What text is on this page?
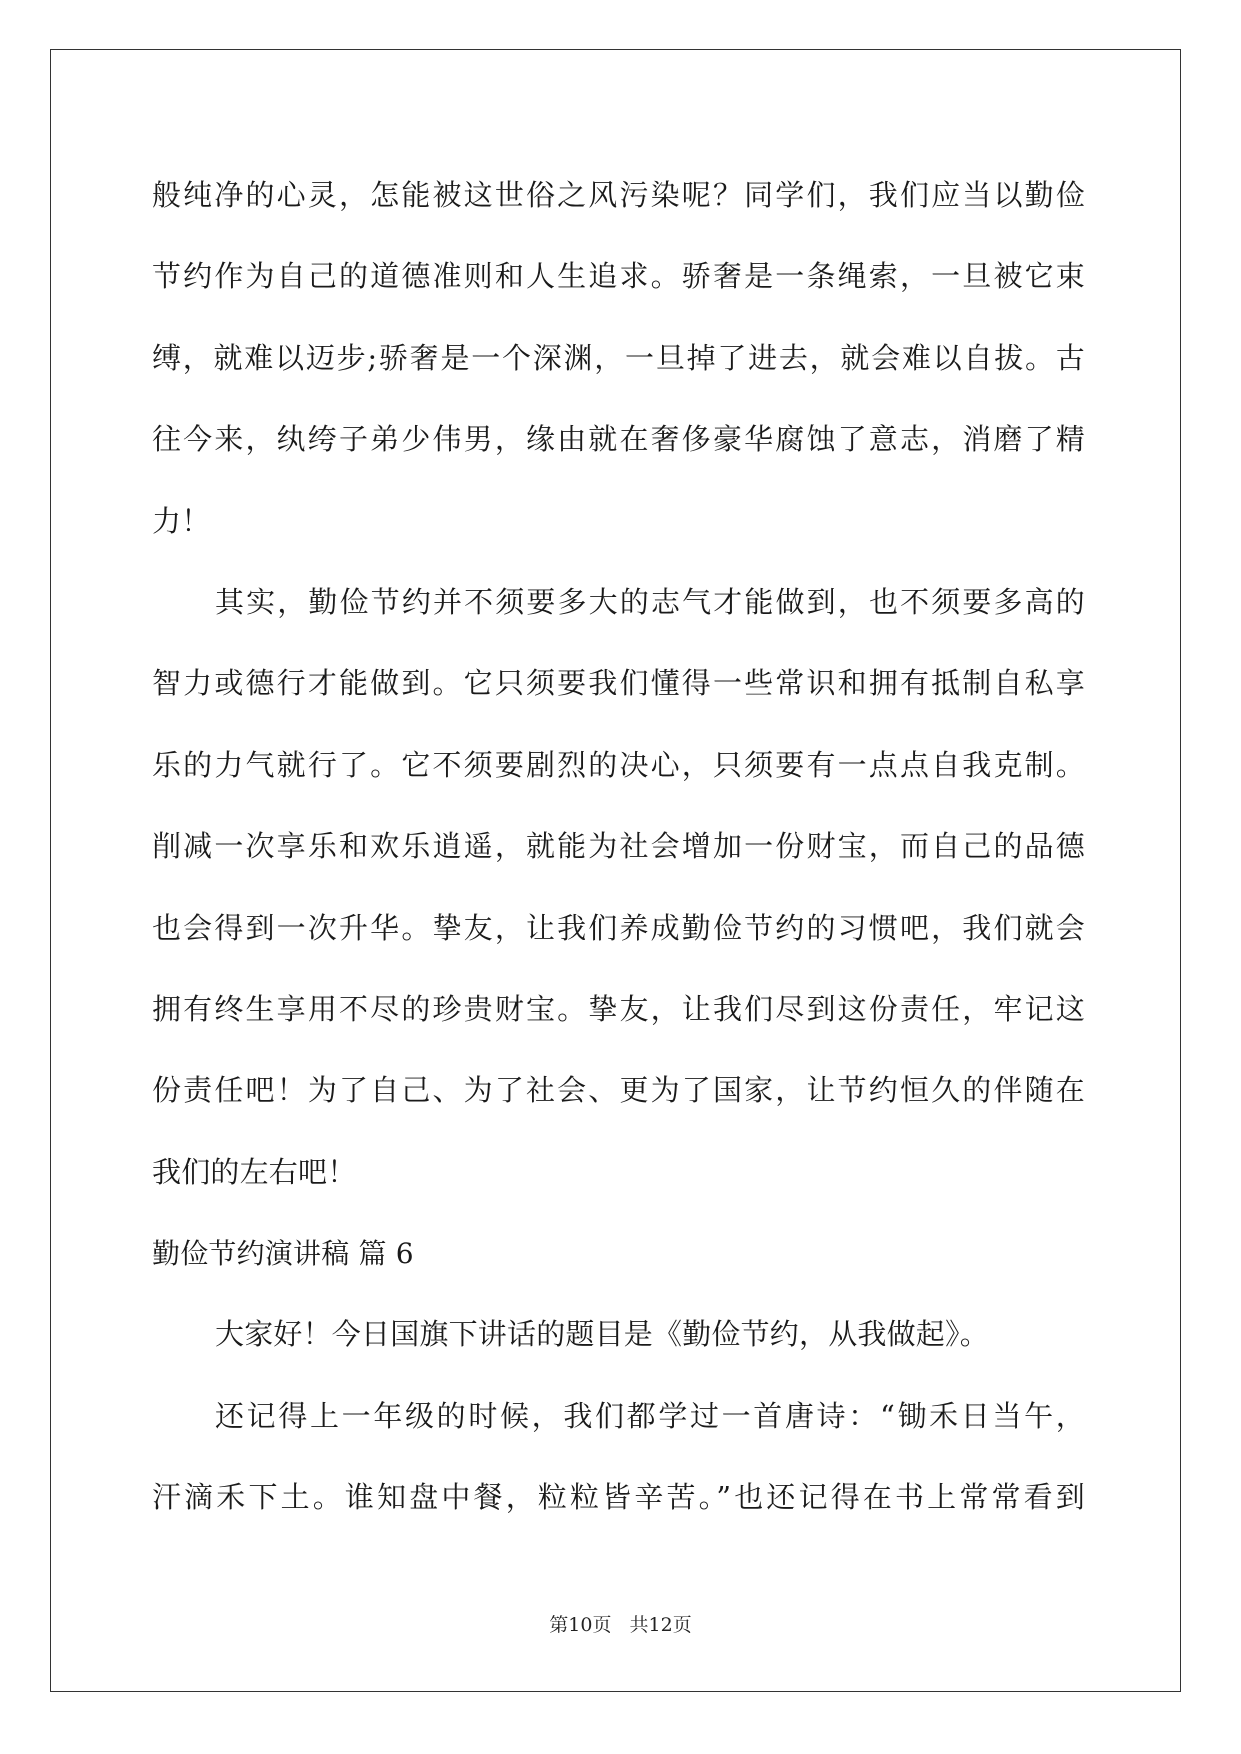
般纯净的心灵，怎能被这世俗之风污染呢？同学们，我们应当以勤俭
节约作为自己的道德准则和人生追求。骄奢是一条绳索，一旦被它束
缚，就难以迈步;骄奢是一个深渊，一旦掉了进去，就会难以自拔。古
往今来，纨绔子弟少伟男，缘由就在奢侈豪华腐蚀了意志，消磨了精
力！
其实，勤俭节约并不须要多大的志气才能做到，也不须要多高的
智力或德行才能做到。它只须要我们懂得一些常识和拥有抵制自私享
乐的力气就行了。它不须要剧烈的决心，只须要有一点点自我克制。
削减一次享乐和欢乐逍遥，就能为社会增加一份财宝，而自己的品德
也会得到一次升华。挚友，让我们养成勤俭节约的习惯吧，我们就会
拥有终生享用不尽的珍贵财宝。挚友，让我们尽到这份责任，牢记这
份责任吧！为了自己、为了社会、更为了国家，让节约恒久的伴随在
我们的左右吧！
勤俭节约演讲稿 篇 6
大家好！今日国旗下讲话的题目是《勤俭节约，从我做起》。
还记得上一年级的时候，我们都学过一首唐诗：“锄禾日当午，
汗滴禾下土。谁知盘中餐，粒粒皆辛苦。”也还记得在书上常常看到
第10页 共12页
